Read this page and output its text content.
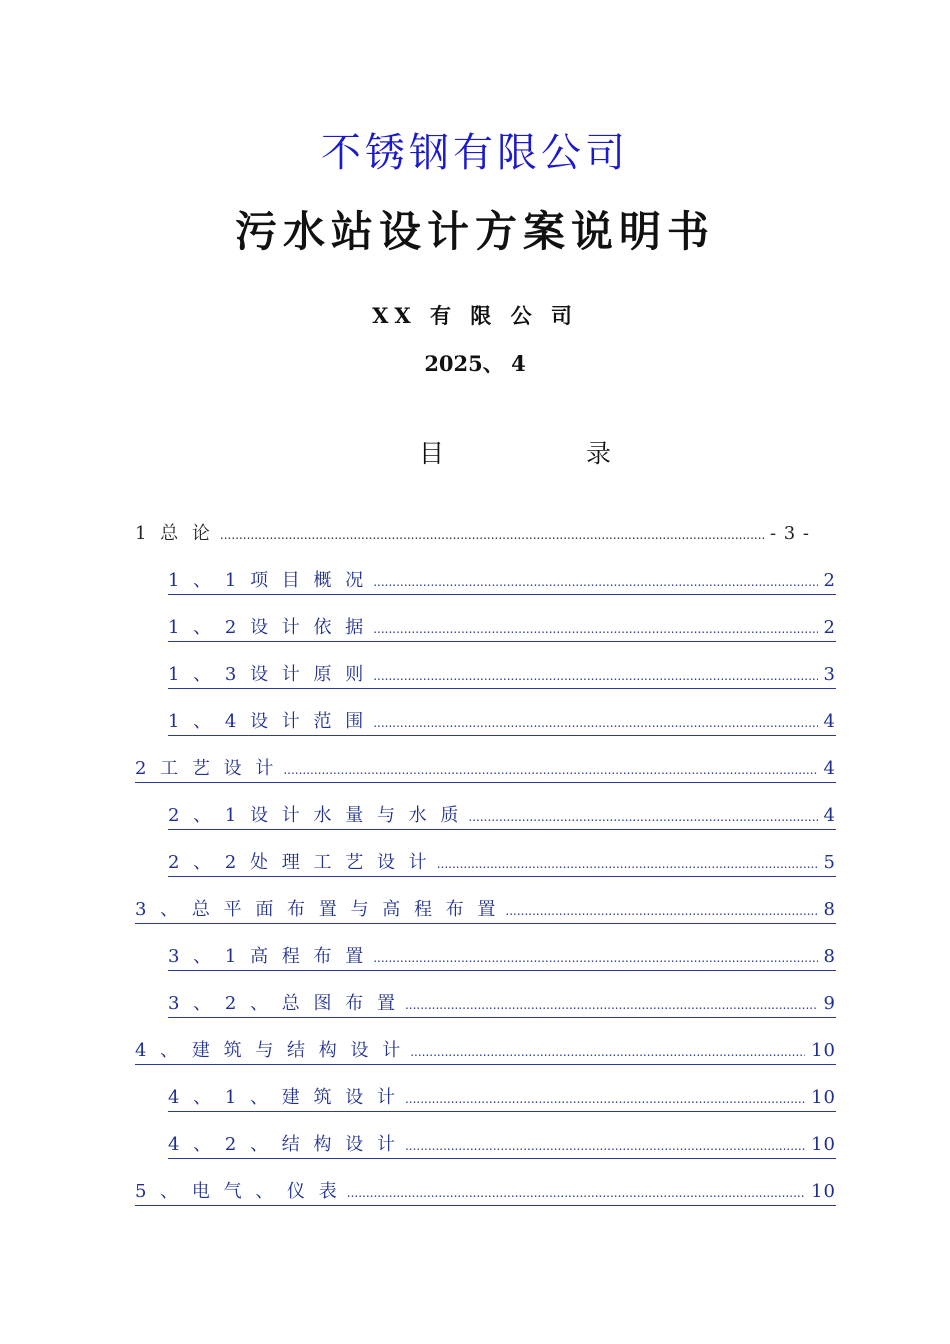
不锈钢有限公司
污水站设计方案说明书
XX 有 限 公 司
2025、 4
目	录
1 总 论 .....	- 3 -
1 、 1 项 目 概 况 .....	2
1 、 2 设 计 依 据 .....	2
1 、 3 设 计 原 则 .....	3
1 、 4 设 计 范 围 .....	4
2 工 艺 设 计 .....	4
2 、 1 设 计 水 量 与 水 质 .....	4
2 、 2 处 理 工 艺 设 计 .....	5
3 、 总 平 面 布 置 与 高 程 布 置 .....	8
3 、 1 高 程 布 置 .....	8
3 、 2 、 总 图 布 置 .....	9
4 、 建 筑 与 结 构 设 计 .....	10
4 、 1 、 建 筑 设 计 .....	10
4 、 2 、 结 构 设 计 .....	10
5 、 电 气 、 仪 表 .....	10
